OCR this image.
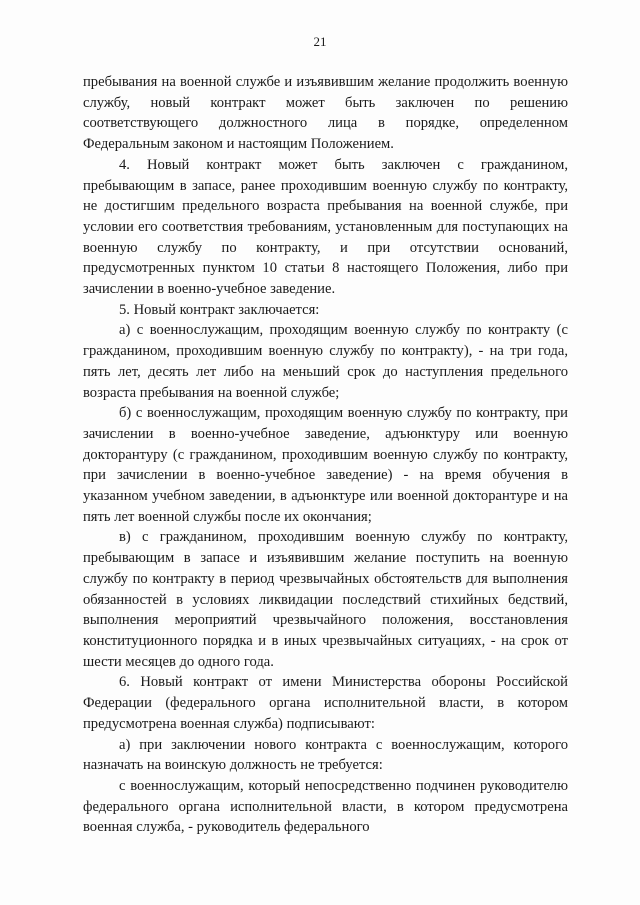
21

пребывания на военной службе и изъявившим желание продолжить военную службу, новый контракт может быть заключен по решению соответствующего должностного лица в порядке, определенном Федеральным законом и настоящим Положением.

4. Новый контракт может быть заключен с гражданином, пребывающим в запасе, ранее проходившим военную службу по контракту, не достигшим предельного возраста пребывания на военной службе, при условии его соответствия требованиям, установленным для поступающих на военную службу по контракту, и при отсутствии оснований, предусмотренных пунктом 10 статьи 8 настоящего Положения, либо при зачислении в военно-учебное заведение.

5. Новый контракт заключается:

а) с военнослужащим, проходящим военную службу по контракту (с гражданином, проходившим военную службу по контракту), - на три года, пять лет, десять лет либо на меньший срок до наступления предельного возраста пребывания на военной службе;

б) с военнослужащим, проходящим военную службу по контракту, при зачислении в военно-учебное заведение, адъюнктуру или военную докторантуру (с гражданином, проходившим военную службу по контракту, при зачислении в военно-учебное заведение) - на время обучения в указанном учебном заведении, в адъюнктуре или военной докторантуре и на пять лет военной службы после их окончания;

в) с гражданином, проходившим военную службу по контракту, пребывающим в запасе и изъявившим желание поступить на военную службу по контракту в период чрезвычайных обстоятельств для выполнения обязанностей в условиях ликвидации последствий стихийных бедствий, выполнения мероприятий чрезвычайного положения, восстановления конституционного порядка и в иных чрезвычайных ситуациях, - на срок от шести месяцев до одного года.

6. Новый контракт от имени Министерства обороны Российской Федерации (федерального органа исполнительной власти, в котором предусмотрена военная служба) подписывают:

а) при заключении нового контракта с военнослужащим, которого назначать на воинскую должность не требуется:

с военнослужащим, который непосредственно подчинен руководителю федерального органа исполнительной власти, в котором предусмотрена военная служба, - руководитель федерального
